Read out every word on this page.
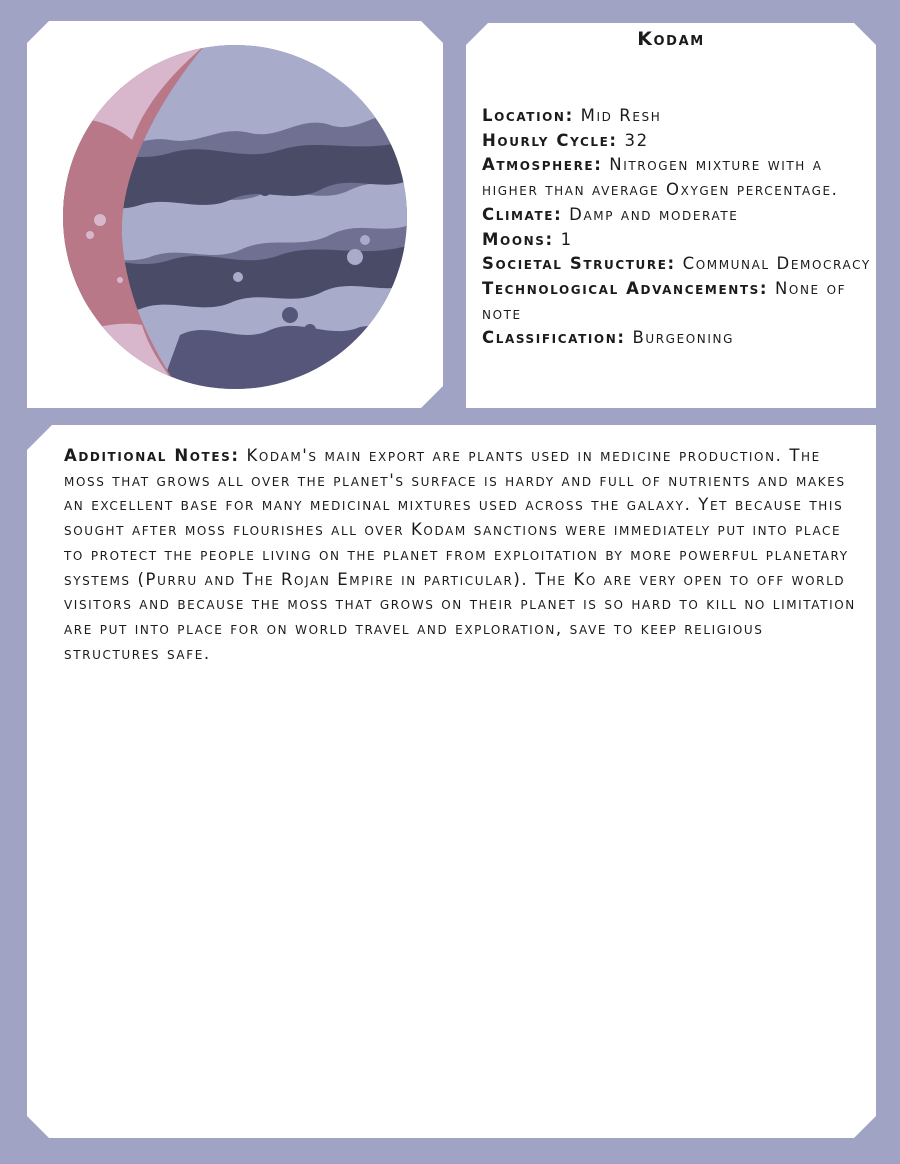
Kodam
Location: Mid Resh
Hourly Cycle: 32
Atmosphere: Nitrogen mixture with a higher than average Oxygen percentage.
Climate: Damp and moderate
Moons: 1
Societal Structure: Communal Democracy
Technological Advancements: None of note
Classification: Burgeoning

Additional Notes: Kodam's main export are plants used in medicine production. The moss that grows all over the planet's surface is hardy and full of nutrients and makes an excellent base for many medicinal mixtures used across the galaxy. Yet because this sought after moss flourishes all over Kodam sanctions were immediately put into place to protect the people living on the planet from exploitation by more powerful planetary systems (Purru and The Rojan Empire in particular). The Ko are very open to off world visitors and because the moss that grows on their planet is so hard to kill no limitation are put into place for on world travel and exploration, save to keep religious structures safe.
